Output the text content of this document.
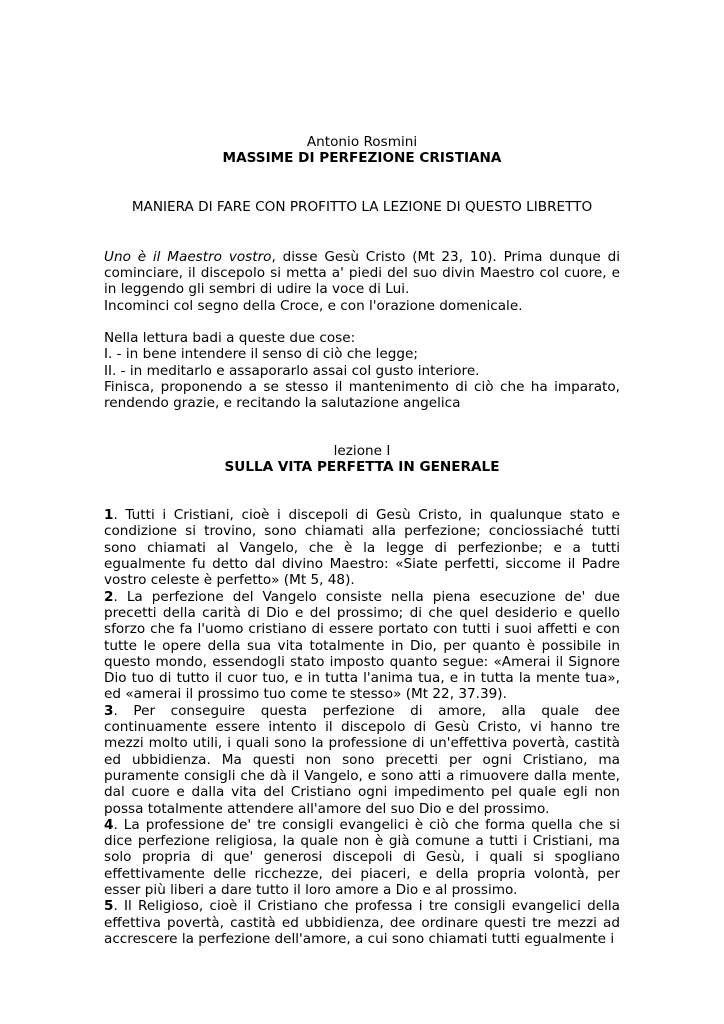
Antonio Rosmini

MASSIME DI PERFEZIONE CRISTIANA

MANIERA DI FARE CON PROFITTO LA LEZIONE DI QUESTO LIBRETTO

Uno è il Maestro vostro, disse Gesù Cristo (Mt 23, 10). Prima dunque di cominciare, il discepolo si metta a' piedi del suo divin Maestro col cuore, e in leggendo gli sembri di udire la voce di Lui.

Incominci col segno della Croce, e con l'orazione domenicale.

Nella lettura badi a queste due cose:

I. - in bene intendere il senso di ciò che legge;

II. - in meditarlo e assaporarlo assai col gusto interiore.

Finisca, proponendo a se stesso il mantenimento di ciò che ha imparato, rendendo grazie, e recitando la salutazione angelica

lezione I

SULLA VITA PERFETTA IN GENERALE

1. Tutti i Cristiani, cioè i discepoli di Gesù Cristo, in qualunque stato e condizione si trovino, sono chiamati alla perfezione; conciossiaché tutti sono chiamati al Vangelo, che è la legge di perfezionbe; e a tutti egualmente fu detto dal divino Maestro: «Siate perfetti, siccome il Padre vostro celeste è perfetto» (Mt 5, 48).

2. La perfezione del Vangelo consiste nella piena esecuzione de' due precetti della carità di Dio e del prossimo; di che quel desiderio e quello sforzo che fa l'uomo cristiano di essere portato con tutti i suoi affetti e con tutte le opere della sua vita totalmente in Dio, per quanto è possibile in questo mondo, essendogli stato imposto quanto segue: «Amerai il Signore Dio tuo di tutto il cuor tuo, e in tutta l'anima tua, e in tutta la mente tua», ed «amerai il prossimo tuo come te stesso» (Mt 22, 37.39).

3. Per conseguire questa perfezione di amore, alla quale dee continuamente essere intento il discepolo di Gesù Cristo, vi hanno tre mezzi molto utili, i quali sono la professione di un'effettiva povertà, castità ed ubbidienza. Ma questi non sono precetti per ogni Cristiano, ma puramente consigli che dà il Vangelo, e sono atti a rimuovere dalla mente, dal cuore e dalla vita del Cristiano ogni impedimento pel quale egli non possa totalmente attendere all'amore del suo Dio e del prossimo.

4. La professione de' tre consigli evangelici è ciò che forma quella che si dice perfezione religiosa, la quale non è già comune a tutti i Cristiani, ma solo propria di que' generosi discepoli di Gesù, i quali si spogliano effettivamente delle ricchezze, dei piaceri, e della propria volontà, per esser più liberi a dare tutto il loro amore a Dio e al prossimo.

5. Il Religioso, cioè il Cristiano che professa i tre consigli evangelici della effettiva povertà, castità ed ubbidienza, dee ordinare questi tre mezzi ad accrescere la perfezione dell'amore, a cui sono chiamati tutti egualmente i
